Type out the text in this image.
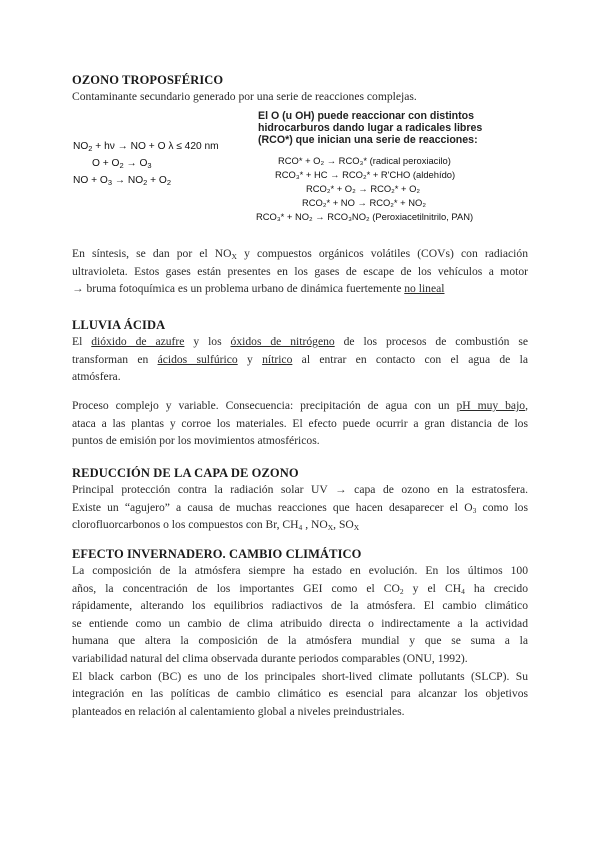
OZONO TROPOSFÉRICO
Contaminante secundario generado por una serie de reacciones complejas.
$NO_2 + h\nu$ → NO + O λ ≤ 420 nm
$O + O_2 \to O_3$
NO + $O_3 \to NO_2 + O_2$
El O (u OH) puede reaccionar con distintos
hidrocarburos dando lugar a radicales libres
(RCO*) que inician una serie de reacciones:
RCO* + O₂ → RCO₃* (radical peroxiacilo)
RCO₃* + HC → RCO₂* + R'CHO (aldehído)
RCO₂* + O₂ → RCO₂* + O₂
RCO₂* + NO → RCO₂* + NO₂
RCO₃* + NO₂ → RCO₃NO₂ (Peroxiacetilnitrilo, PAN)
En síntesis, se dan por el $NO_X$ y compuestos orgánicos volátiles (COVs) con radiación
ultravioleta. Estos gases están presentes en los gases de escape de los vehículos a motor
→ bruma fotoquímica es un problema urbano de dinámica fuertemente no lineal
LLUVIA ÁCIDA
El dióxido de azufre y los óxidos de nitrógeno de los procesos de combustión se
transforman en ácidos sulfúrico y nítrico al entrar en contacto con el agua de la
atmósfera.
Proceso complejo y variable. Consecuencia: precipitación de agua con un pH muy bajo,
ataca a las plantas y corroe los materiales. El efecto puede ocurrir a gran distancia de los
puntos de emisión por los movimientos atmosféricos.
REDUCCIÓN DE LA CAPA DE OZONO
Principal protección contra la radiación solar UV → capa de ozono en la estratosfera.
Existe un “agujero” a causa de muchas reacciones que hacen desaparecer el $O_3$ como los
clorofluorcarbonos o los compuestos con Br, $CH_4$ , $NO_X$, $SO_X$
EFECTO INVERNADERO. CAMBIO CLIMÁTICO
La composición de la atmósfera siempre ha estado en evolución. En los últimos 100
años, la concentración de los importantes GEI como el $CO_2$ y el $CH_4$ ha crecido
rápidamente, alterando los equilibrios radiactivos de la atmósfera. El cambio climático
se entiende como un cambio de clima atribuido directa o indirectamente a la actividad
humana que altera la composición de la atmósfera mundial y que se suma a la
variabilidad natural del clima observada durante periodos comparables (ONU, 1992).
El black carbon (BC) es uno de los principales short-lived climate pollutants (SLCP). Su
integración en las políticas de cambio climático es esencial para alcanzar los objetivos
planteados en relación al calentamiento global a niveles preindustriales.
